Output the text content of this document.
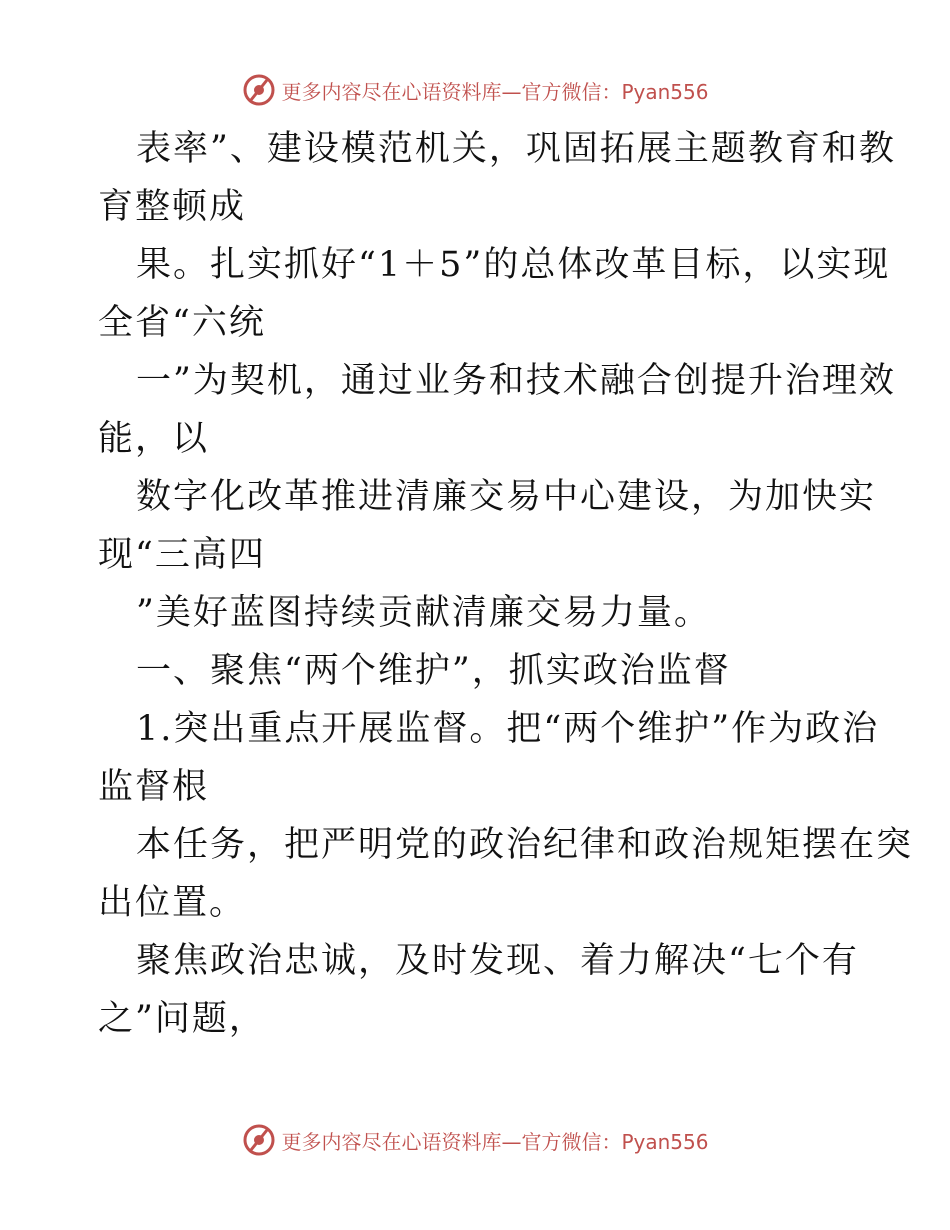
更多内容尽在心语资料库—官方微信：Pyan556
表率”、建设模范机关，巩固拓展主题教育和教
育整顿成
果。扎实抓好“1＋5”的总体改革目标，以实现
全省“六统
一”为契机，通过业务和技术融合创提升治理效
能，以
数字化改革推进清廉交易中心建设，为加快实
现“三高四
”美好蓝图持续贡献清廉交易力量。
一、聚焦“两个维护”，抓实政治监督
1.突出重点开展监督。把“两个维护”作为政治
监督根
本任务，把严明党的政治纪律和政治规矩摆在突
出位置。
聚焦政治忠诚，及时发现、着力解决“七个有
之”问题，
更多内容尽在心语资料库—官方微信：Pyan556
